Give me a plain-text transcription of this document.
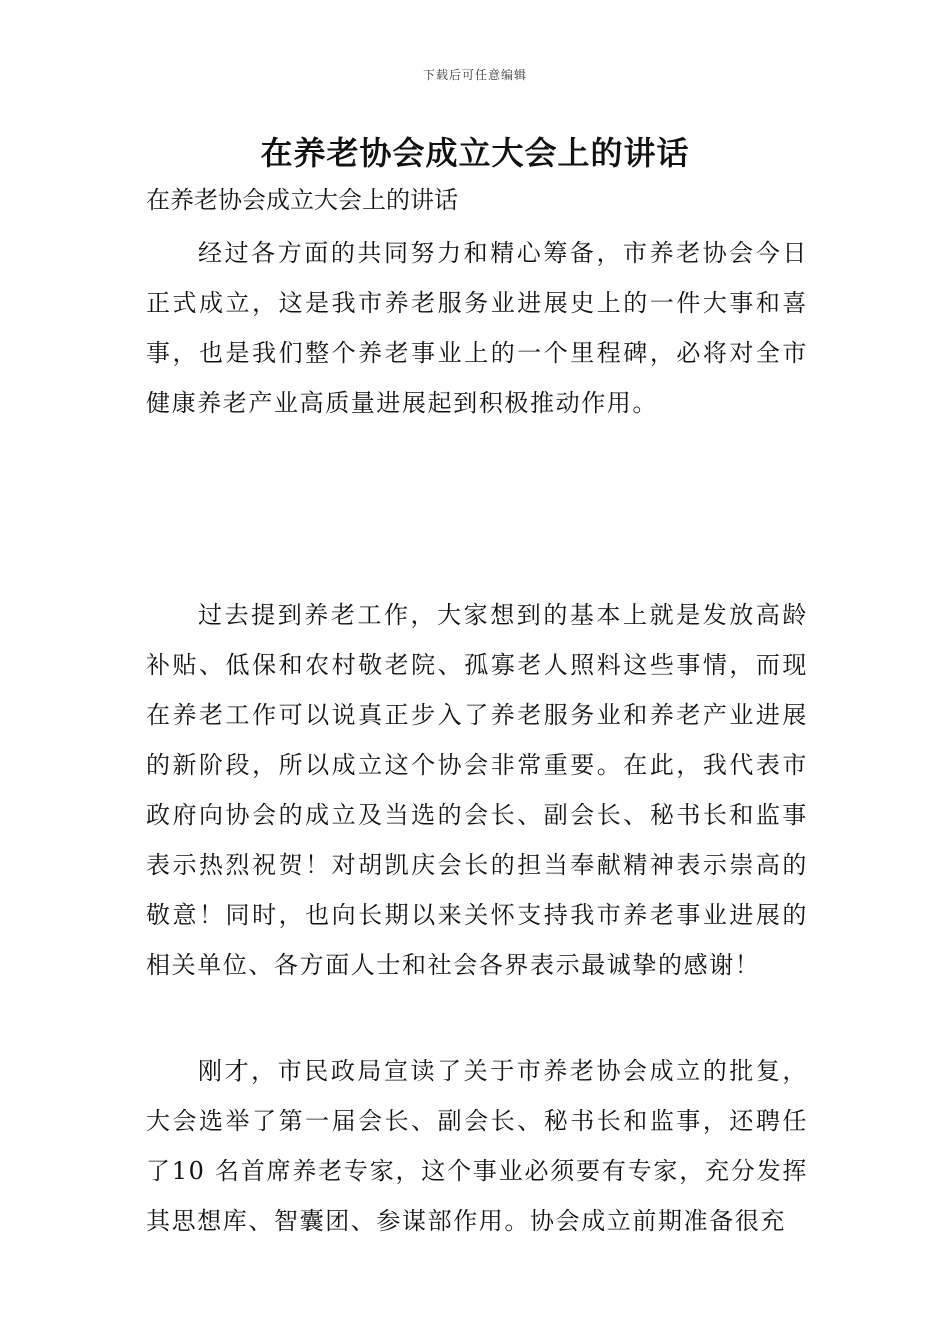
下载后可任意编辑
在养老协会成立大会上的讲话

在养老协会成立大会上的讲话

经过各方面的共同努力和精心筹备，市养老协会今日正式成立，这是我市养老服务业进展史上的一件大事和喜事，也是我们整个养老事业上的一个里程碑，必将对全市健康养老产业高质量进展起到积极推动作用。

过去提到养老工作，大家想到的基本上就是发放高龄补贴、低保和农村敬老院、孤寡老人照料这些事情，而现在养老工作可以说真正步入了养老服务业和养老产业进展的新阶段，所以成立这个协会非常重要。在此，我代表市政府向协会的成立及当选的会长、副会长、秘书长和监事表示热烈祝贺！对胡凯庆会长的担当奉献精神表示崇高的敬意！同时，也向长期以来关怀支持我市养老事业进展的相关单位、各方面人士和社会各界表示最诚挚的感谢！

刚才，市民政局宣读了关于市养老协会成立的批复，大会选举了第一届会长、副会长、秘书长和监事，还聘任了10 名首席养老专家，这个事业必须要有专家，充分发挥其思想库、智囊团、参谋部作用。协会成立前期准备很充
